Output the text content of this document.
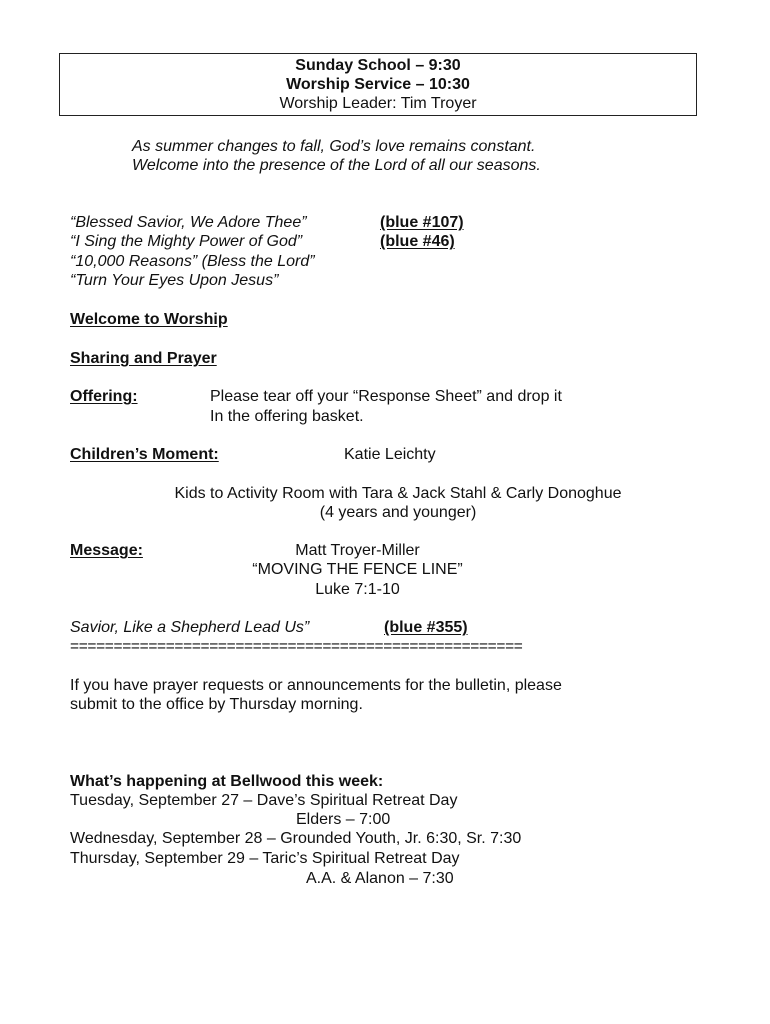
Sunday School – 9:30
Worship Service – 10:30
Worship Leader: Tim Troyer
As summer changes to fall, God’s love remains constant.
Welcome into the presence of the Lord of all our seasons.
“Blessed Savior, We Adore Thee”	(blue #107)
“I Sing the Mighty Power of God”	(blue #46)
“10,000 Reasons” (Bless the Lord”
“Turn Your Eyes Upon Jesus”
Welcome to Worship
Sharing and Prayer
Offering:	Please tear off your “Response Sheet” and drop it
In the offering basket.
Children’s Moment:	Katie Leichty
Kids to Activity Room with Tara & Jack Stahl & Carly Donoghue
(4 years and younger)
Message:	Matt Troyer-Miller
“MOVING THE FENCE LINE”
Luke 7:1-10
Savior, Like a Shepherd Lead Us”	(blue #355)
====================================================
If you have prayer requests or announcements for the bulletin, please
submit to the office by Thursday morning.
What’s happening at Bellwood this week:
Tuesday, September 27 – Dave’s Spiritual Retreat Day
Elders – 7:00
Wednesday, September 28 – Grounded Youth, Jr. 6:30, Sr. 7:30
Thursday, September 29 – Taric’s Spiritual Retreat Day
A.A. & Alanon – 7:30
